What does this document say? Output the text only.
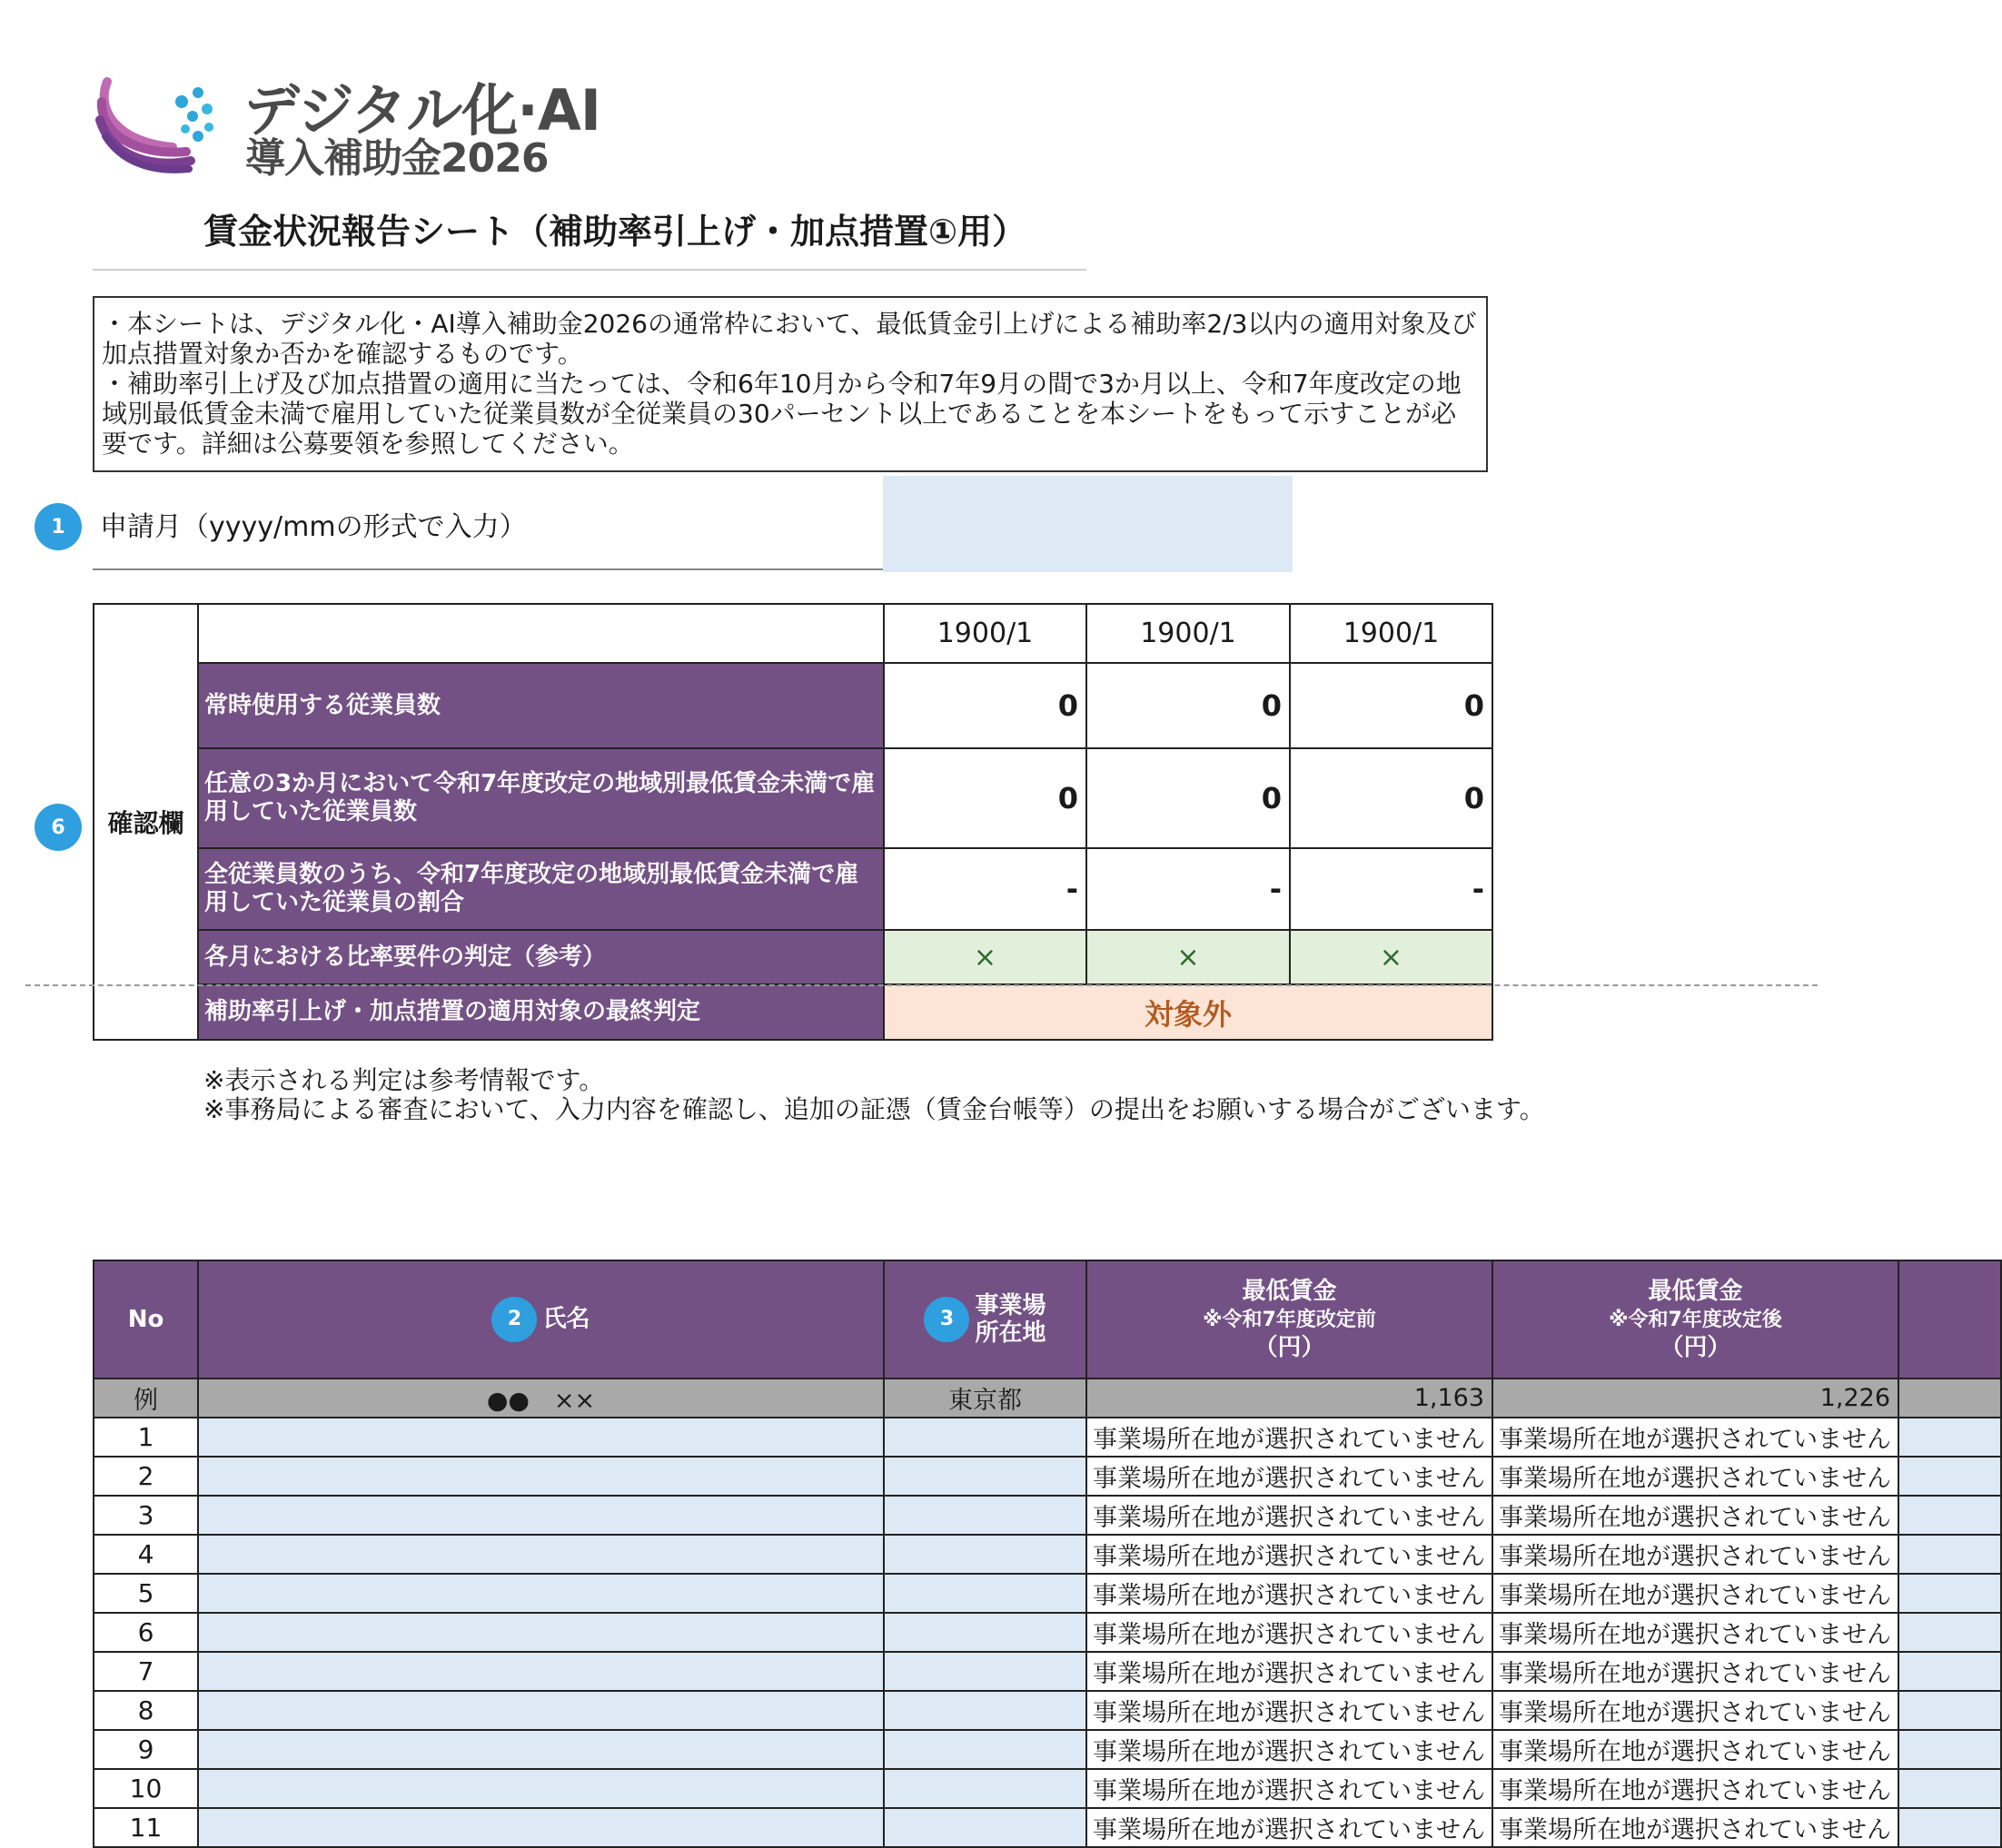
デジタル化·AI
導入補助金2026
賃金状況報告シート（補助率引上げ・加点措置①用）

・本シートは、デジタル化・AI導入補助金2026の通常枠において、最低賃金引上げによる補助率2/3以内の適用対象及び加点措置対象か否かを確認するものです。

・補助率引上げ及び加点措置の適用に当たっては、令和6年10月から令和7年9月の間で3か月以上、令和7年度改定の地域別最低賃金未満で雇用していた従業員数が全従業員の30パーセント以上であることを本シートをもって示すことが必要です。詳細は公募要領を参照してください。

1	申請月（yyyy/mmの形式で入力）
6	確認欄		1900/1	1900/1	1900/1
	常時使用する従業員数	0	0	0
	任意の3か月において令和7年度改定の地域別最低賃金未満で雇用していた従業員数	0	0	0
	全従業員数のうち、令和7年度改定の地域別最低賃金未満で雇用していた従業員の割合	-	-	-
	各月における比率要件の判定（参考）	×	×	×
	補助率引上げ・加点措置の適用対象の最終判定	対象外		
※表示される判定は参考情報です。
※事務局による審査において、入力内容を確認し、追加の証憑（賃金台帳等）の提出をお願いする場合がございます。
No	2 氏名	3 事業場
所在地	最低賃金
※令和7年度改定前
（円）	最低賃金
※令和7年度改定後
（円）	
例	●●　××	東京都	1,163	1,226	
1			事業場所在地が選択されていません	事業場所在地が選択されていません	
2			事業場所在地が選択されていません	事業場所在地が選択されていません	
3			事業場所在地が選択されていません	事業場所在地が選択されていません	
4			事業場所在地が選択されていません	事業場所在地が選択されていません	
5			事業場所在地が選択されていません	事業場所在地が選択されていません	
6			事業場所在地が選択されていません	事業場所在地が選択されていません	
7			事業場所在地が選択されていません	事業場所在地が選択されていません	
8			事業場所在地が選択されていません	事業場所在地が選択されていません	
9			事業場所在地が選択されていません	事業場所在地が選択されていません	
10			事業場所在地が選択されていません	事業場所在地が選択されていません	
11			事業場所在地が選択されていません	事業場所在地が選択されていません	
